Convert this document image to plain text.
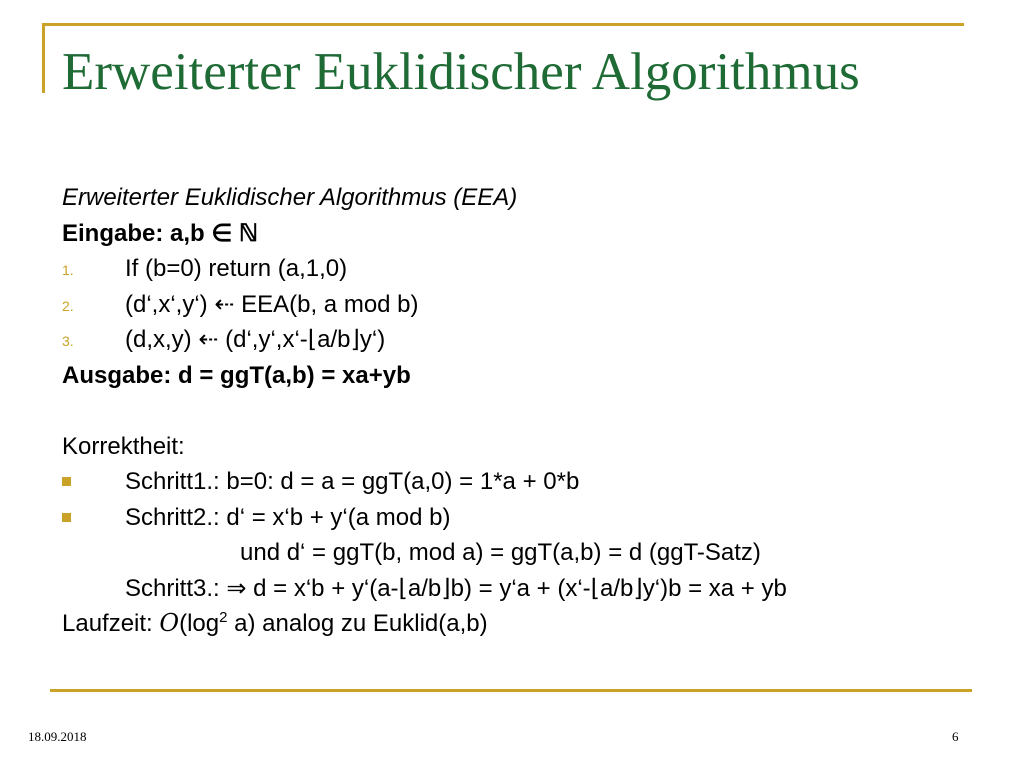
Erweiterter Euklidischer Algorithmus
Erweiterter Euklidischer Algorithmus (EEA)
Eingabe: a,b ∈ ℕ
1. If (b=0) return (a,1,0)
2. (d‘,x‘,y‘) ⇠ EEA(b, a mod b)
3. (d,x,y) ⇠ (d‘,y‘,x‘-⌊a/b⌋y‘)
Ausgabe: d = ggT(a,b) = xa+yb
Korrektheit:
Schritt1.: b=0: d = a = ggT(a,0) = 1*a + 0*b
Schritt2.: d‘ = x‘b + y‘(a mod b)
und d‘ = ggT(b, mod a) = ggT(a,b) = d (ggT-Satz)
Schritt3.: ⇒ d = x‘b + y‘(a-⌊a/b⌋b) = y‘a + (x‘-⌊a/b⌋y‘)b = xa + yb
Laufzeit: $O(\log^2$ a) analog zu Euklid(a,b)
18.09.2018	6
